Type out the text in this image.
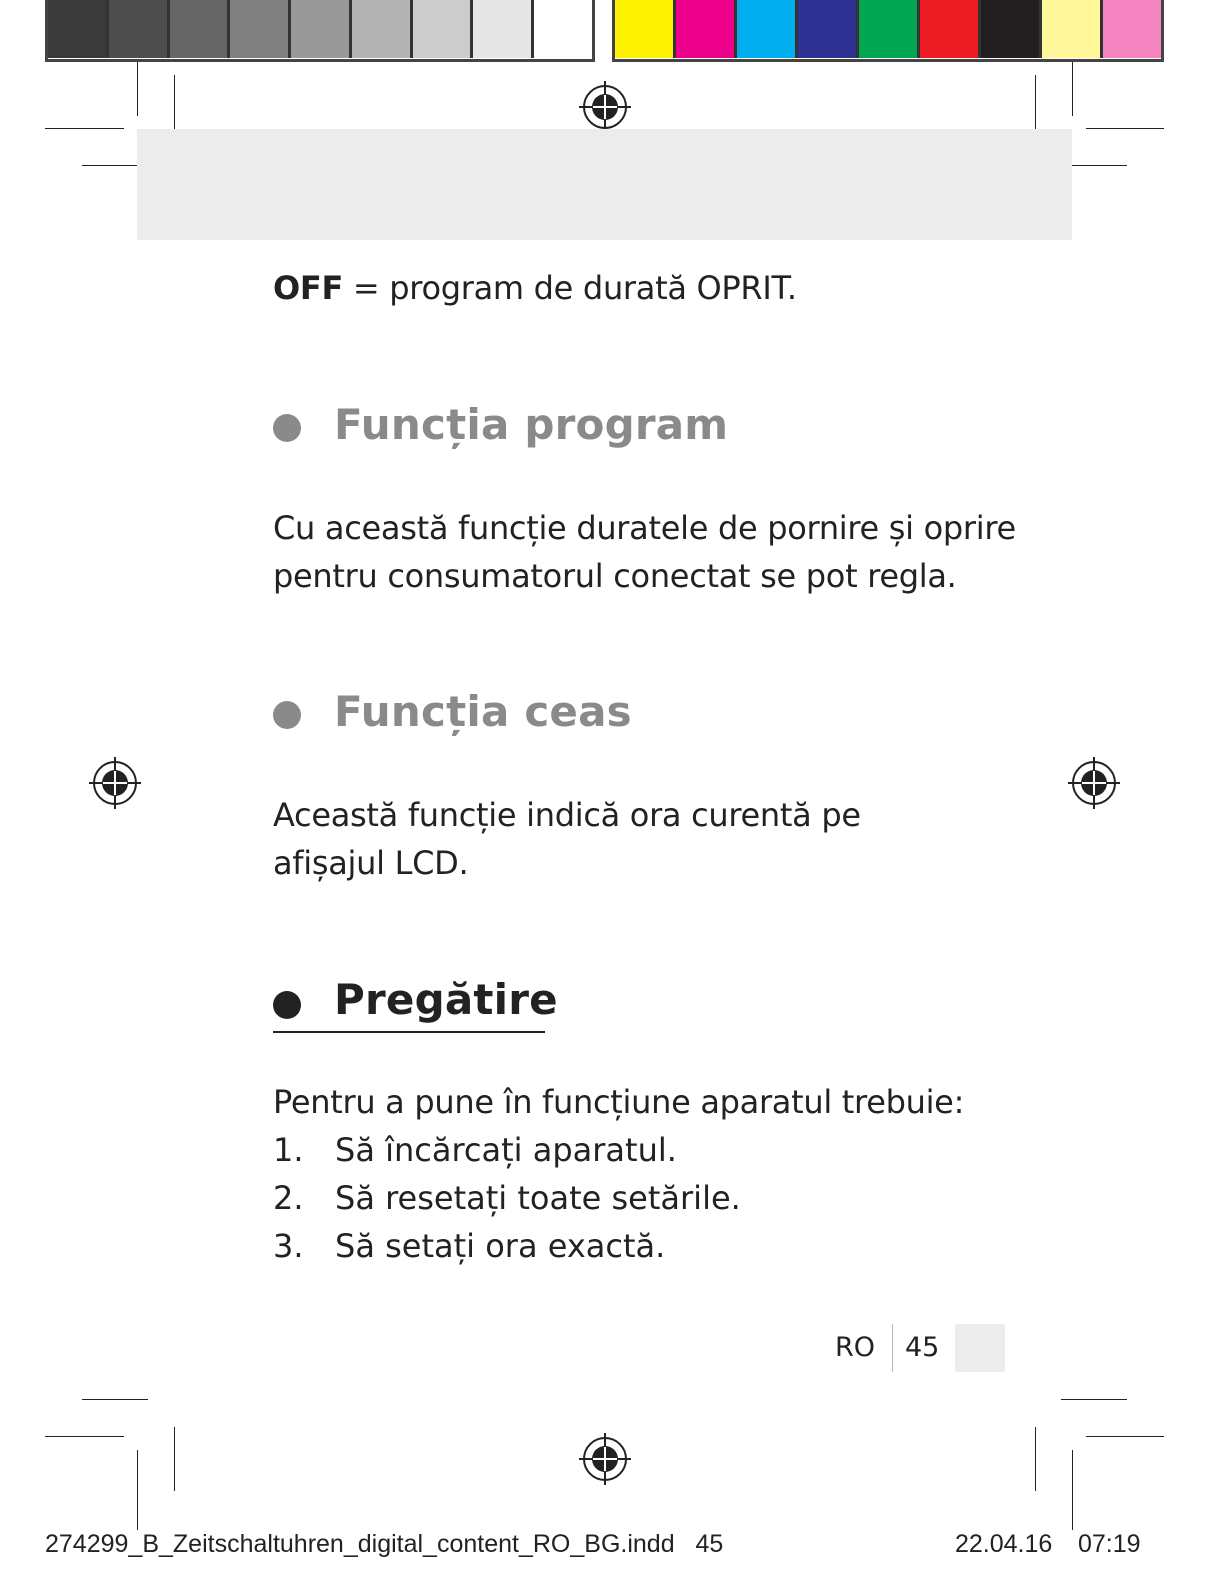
OFF = program de durată OPRIT.
Funcția program
Cu această funcție duratele de pornire și oprire
pentru consumatorul conectat se pot regla.
Funcția ceas
Această funcție indică ora curentă pe
afișajul LCD.
Pregătire
Pentru a pune în funcțiune aparatul trebuie:
1. Să încărcați aparatul.
2. Să resetați toate setările.
3. Să setați ora exactă.
RO 45
274299_B_Zeitschaltuhren_digital_content_RO_BG.indd   45	22.04.16 07:19
